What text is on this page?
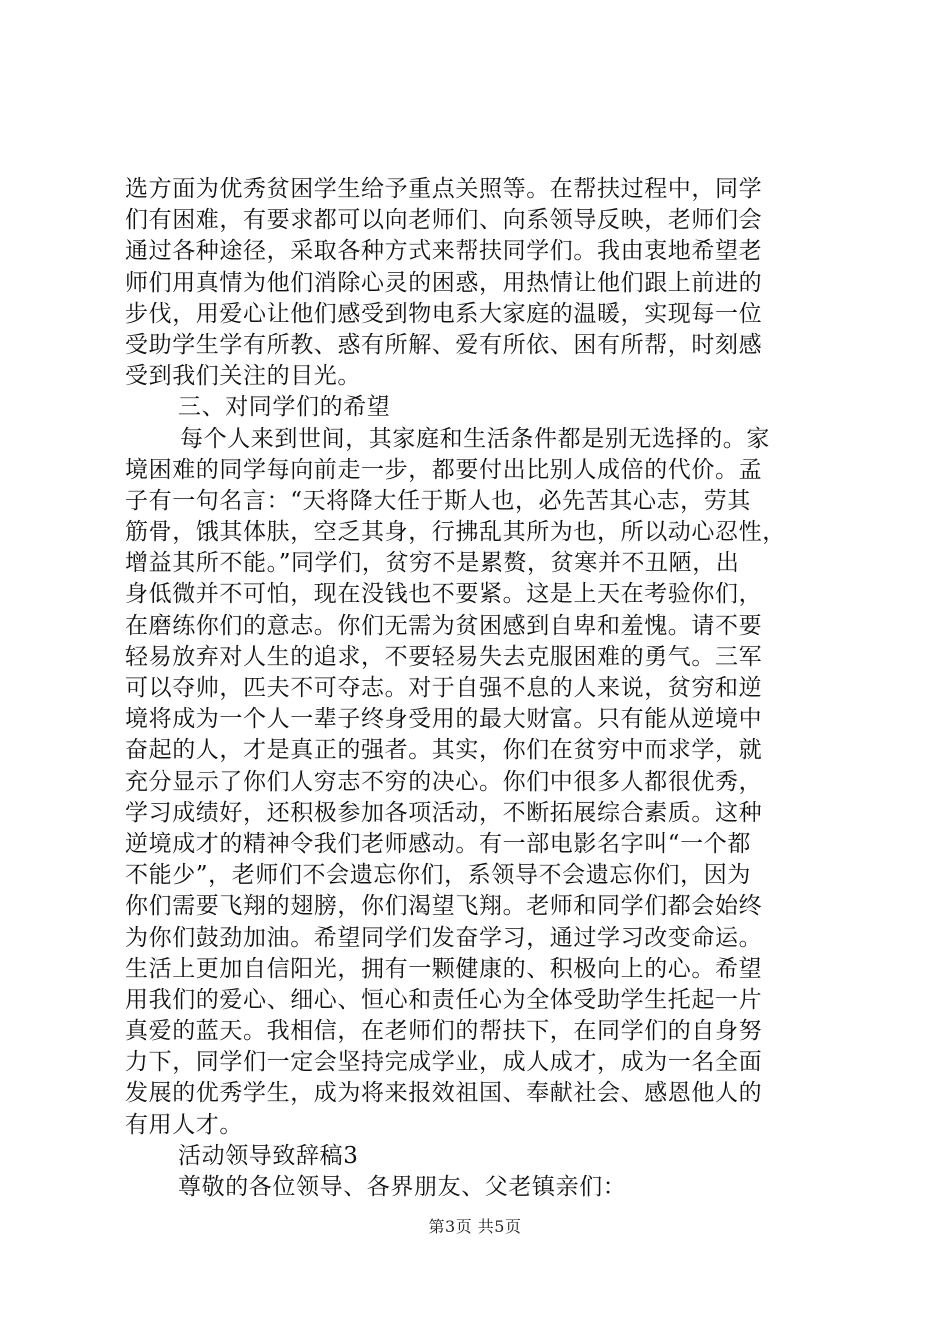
选方面为优秀贫困学生给予重点关照等。在帮扶过程中，同学
们有困难，有要求都可以向老师们、向系领导反映，老师们会
通过各种途径，采取各种方式来帮扶同学们。我由衷地希望老
师们用真情为他们消除心灵的困惑，用热情让他们跟上前进的
步伐，用爱心让他们感受到物电系大家庭的温暖，实现每一位
受助学生学有所教、惑有所解、爱有所依、困有所帮，时刻感
受到我们关注的目光。
三、对同学们的希望
每个人来到世间，其家庭和生活条件都是别无选择的。家
境困难的同学每向前走一步，都要付出比别人成倍的代价。孟
子有一句名言：“天将降大任于斯人也，必先苦其心志，劳其
筋骨，饿其体肤，空乏其身，行拂乱其所为也，所以动心忍性，
增益其所不能。”同学们，贫穷不是累赘，贫寒并不丑陋，出
身低微并不可怕，现在没钱也不要紧。这是上天在考验你们，
在磨练你们的意志。你们无需为贫困感到自卑和羞愧。请不要
轻易放弃对人生的追求，不要轻易失去克服困难的勇气。三军
可以夺帅，匹夫不可夺志。对于自强不息的人来说，贫穷和逆
境将成为一个人一辈子终身受用的最大财富。只有能从逆境中
奋起的人，才是真正的强者。其实，你们在贫穷中而求学，就
充分显示了你们人穷志不穷的决心。你们中很多人都很优秀，
学习成绩好，还积极参加各项活动，不断拓展综合素质。这种
逆境成才的精神令我们老师感动。有一部电影名字叫“一个都
不能少”，老师们不会遗忘你们，系领导不会遗忘你们，因为
你们需要飞翔的翅膀，你们渴望飞翔。老师和同学们都会始终
为你们鼓劲加油。希望同学们发奋学习，通过学习改变命运。
生活上更加自信阳光，拥有一颗健康的、积极向上的心。希望
用我们的爱心、细心、恒心和责任心为全体受助学生托起一片
真爱的蓝天。我相信，在老师们的帮扶下，在同学们的自身努
力下，同学们一定会坚持完成学业，成人成才，成为一名全面
发展的优秀学生，成为将来报效祖国、奉献社会、感恩他人的
有用人才。
活动领导致辞稿3
尊敬的各位领导、各界朋友、父老镇亲们：
第3页 共5页
